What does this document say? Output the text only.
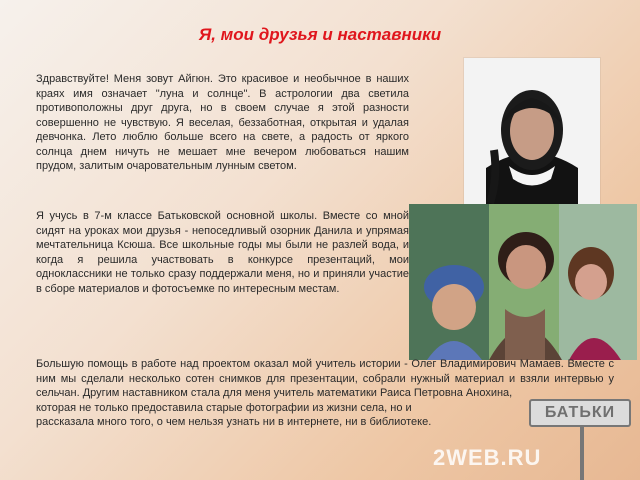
Я, мои друзья и наставники
Здравствуйте! Меня зовут Айгюн. Это красивое и необычное в наших краях имя означает "луна и солнце". В астрологии два светила противоположны друг друга, но в своем случае я этой разности совершенно не чувствую. Я веселая, беззаботная, открытая и удалая девчонка. Лето люблю больше всего на свете, а радость от яркого солнца днем ничуть не мешает мне вечером любоваться нашим прудом, залитым очаровательным лунным светом.
Я учусь в 7-м классе Батьковской основной школы. Вместе со мной сидят на уроках мои друзья - непоседливый озорник Данила и упрямая мечтательница Ксюша. Все школьные годы мы были не разлей вода, и когда я решила участвовать в конкурсе презентаций, мои одноклассники не только сразу поддержали меня, но и приняли участие в сборе материалов и фотосъемке по интересным местам.
Большую помощь в работе над проектом оказал мой учитель истории - Олег Владимирович Мамаев. Вместе с ним мы сделали несколько сотен снимков для презентации, собрали нужный материал и взяли интервью у сельчан. Другим наставником стала для меня учитель математики Раиса Петровна Анохина,
которая не только предоставила старые фотографии из жизни села, но и
рассказала много того, о чем нельзя узнать ни в интернете, ни в библиотеке.
БАТЬКИ
2WEB.RU
